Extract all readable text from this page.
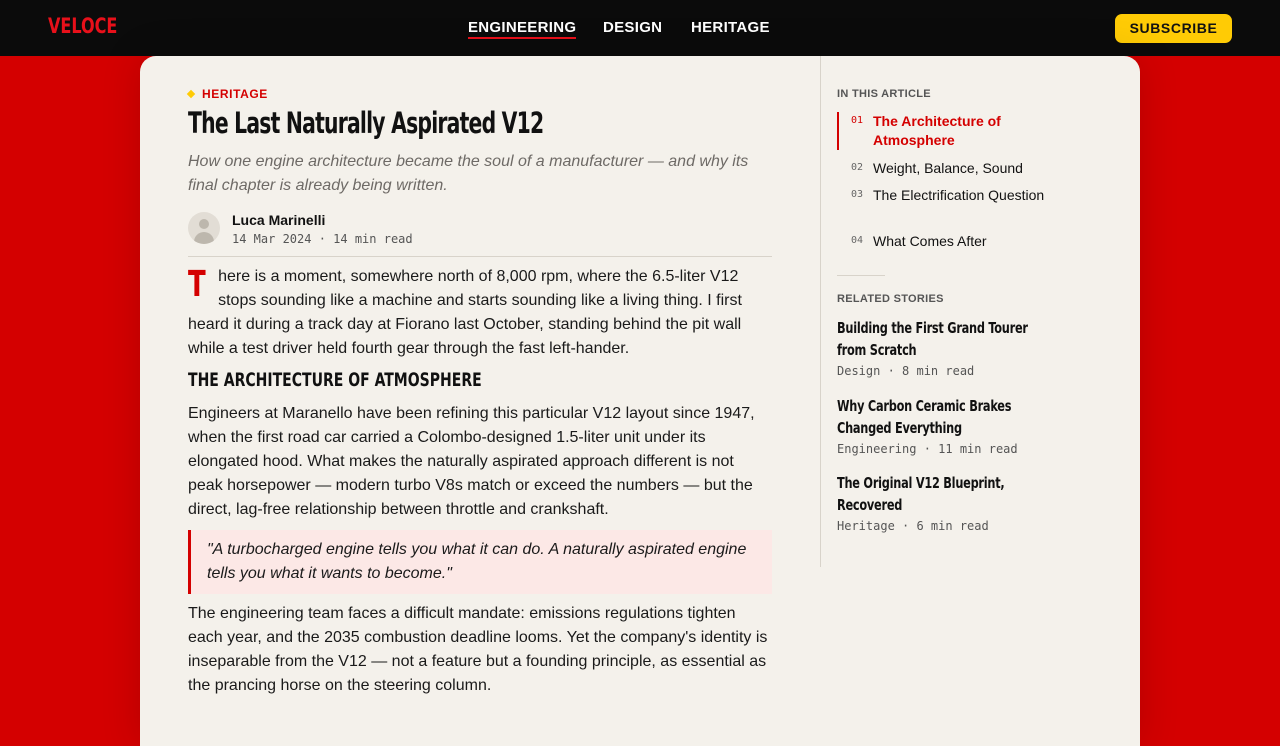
VELOCE	ENGINEERING DESIGN HERITAGE	SUBSCRIBE
HERITAGE
The Last Naturally Aspirated V12
How one engine architecture became the soul of a manufacturer — and why its final chapter is already being written.
Luca Marinelli
14 Mar 2024 · 14 min read

There is a moment, somewhere north of 8,000 rpm, where the 6.5-liter V12 stops sounding like a machine and starts sounding like a living thing. I first heard it during a track day at Fiorano last October, standing behind the pit wall while a test driver held fourth gear through the fast left-hander.

THE ARCHITECTURE OF ATMOSPHERE

Engineers at Maranello have been refining this particular V12 layout since 1947, when the first road car carried a Colombo-designed 1.5-liter unit under its elongated hood. What makes the naturally aspirated approach different is not peak horsepower — modern turbo V8s match or exceed the numbers — but the direct, lag-free relationship between throttle and crankshaft.

"A turbocharged engine tells you what it can do. A naturally aspirated engine tells you what it wants to become."

The engineering team faces a difficult mandate: emissions regulations tighten each year, and the 2035 combustion deadline looms. Yet the company's identity is inseparable from the V12 — not a feature but a founding principle, as essential as the prancing horse on the steering column.

IN THIS ARTICLE
01 The Architecture of Atmosphere
02 Weight, Balance, Sound
03 The Electrification Question
04 What Comes After
RELATED STORIES
Building the First Grand Tourer from Scratch
Design · 8 min read
Why Carbon Ceramic Brakes Changed Everything
Engineering · 11 min read
The Original V12 Blueprint, Recovered
Heritage · 6 min read
